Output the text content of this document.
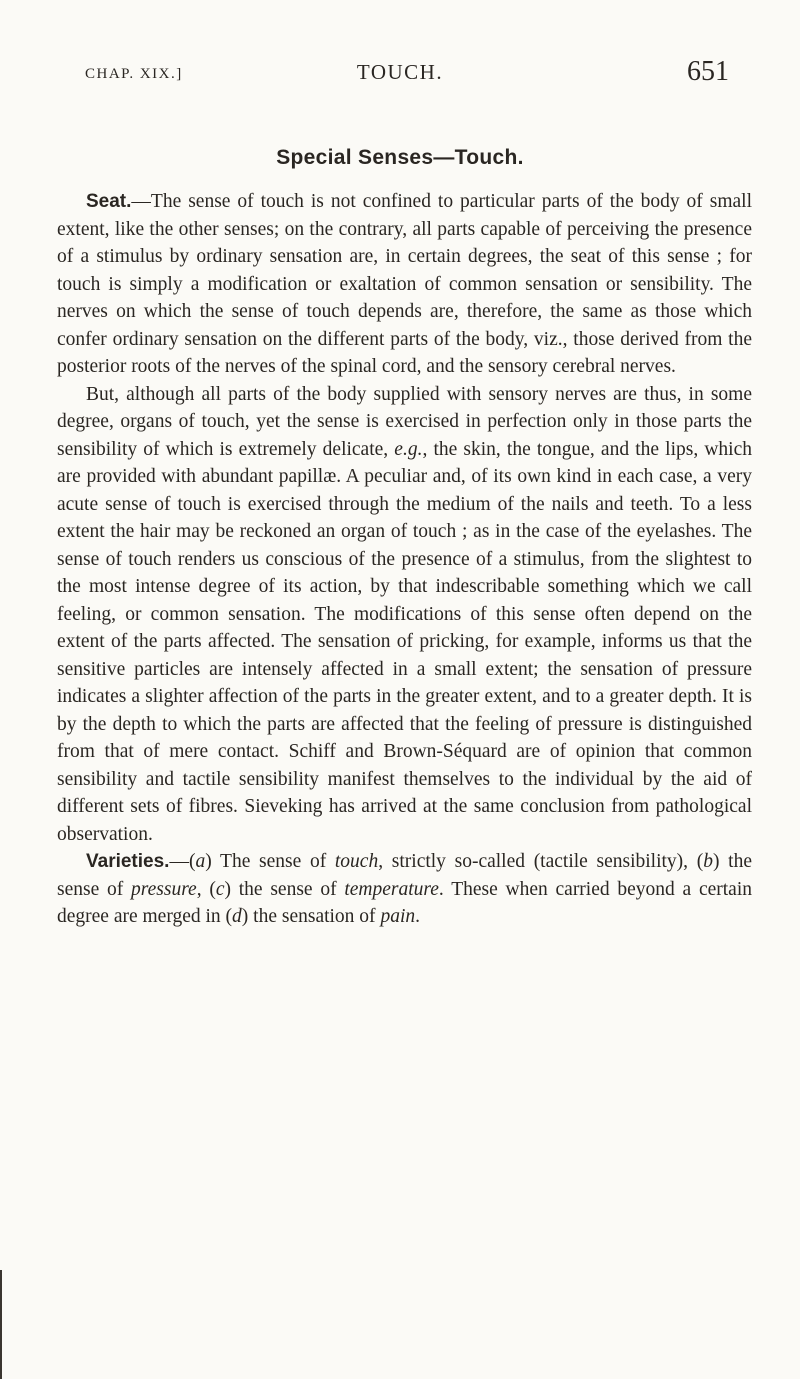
CHAP. XIX.]	TOUCH.	651
Special Senses—Touch.

Seat.—The sense of touch is not confined to particular parts of the body of small extent, like the other senses; on the contrary, all parts capable of perceiving the presence of a stimulus by ordinary sensation are, in certain degrees, the seat of this sense ; for touch is simply a modification or exaltation of common sensation or sensibility. The nerves on which the sense of touch depends are, therefore, the same as those which confer ordinary sensation on the different parts of the body, viz., those derived from the posterior roots of the nerves of the spinal cord, and the sensory cerebral nerves.

But, although all parts of the body supplied with sensory nerves are thus, in some degree, organs of touch, yet the sense is exercised in perfection only in those parts the sensibility of which is extremely delicate, e.g., the skin, the tongue, and the lips, which are provided with abundant papillæ. A peculiar and, of its own kind in each case, a very acute sense of touch is exercised through the medium of the nails and teeth. To a less extent the hair may be reckoned an organ of touch ; as in the case of the eyelashes. The sense of touch renders us conscious of the presence of a stimulus, from the slightest to the most intense degree of its action, by that indescribable something which we call feeling, or common sensation. The modifications of this sense often depend on the extent of the parts affected. The sensation of pricking, for example, informs us that the sensitive particles are intensely affected in a small extent; the sensation of pressure indicates a slighter affection of the parts in the greater extent, and to a greater depth. It is by the depth to which the parts are affected that the feeling of pressure is distinguished from that of mere contact. Schiff and Brown-Séquard are of opinion that common sensibility and tactile sensibility manifest themselves to the individual by the aid of different sets of fibres. Sieveking has arrived at the same conclusion from pathological observation.

Varieties.—(a) The sense of touch, strictly so-called (tactile sensibility), (b) the sense of pressure, (c) the sense of temperature. These when carried beyond a certain degree are merged in (d) the sensation of pain.
